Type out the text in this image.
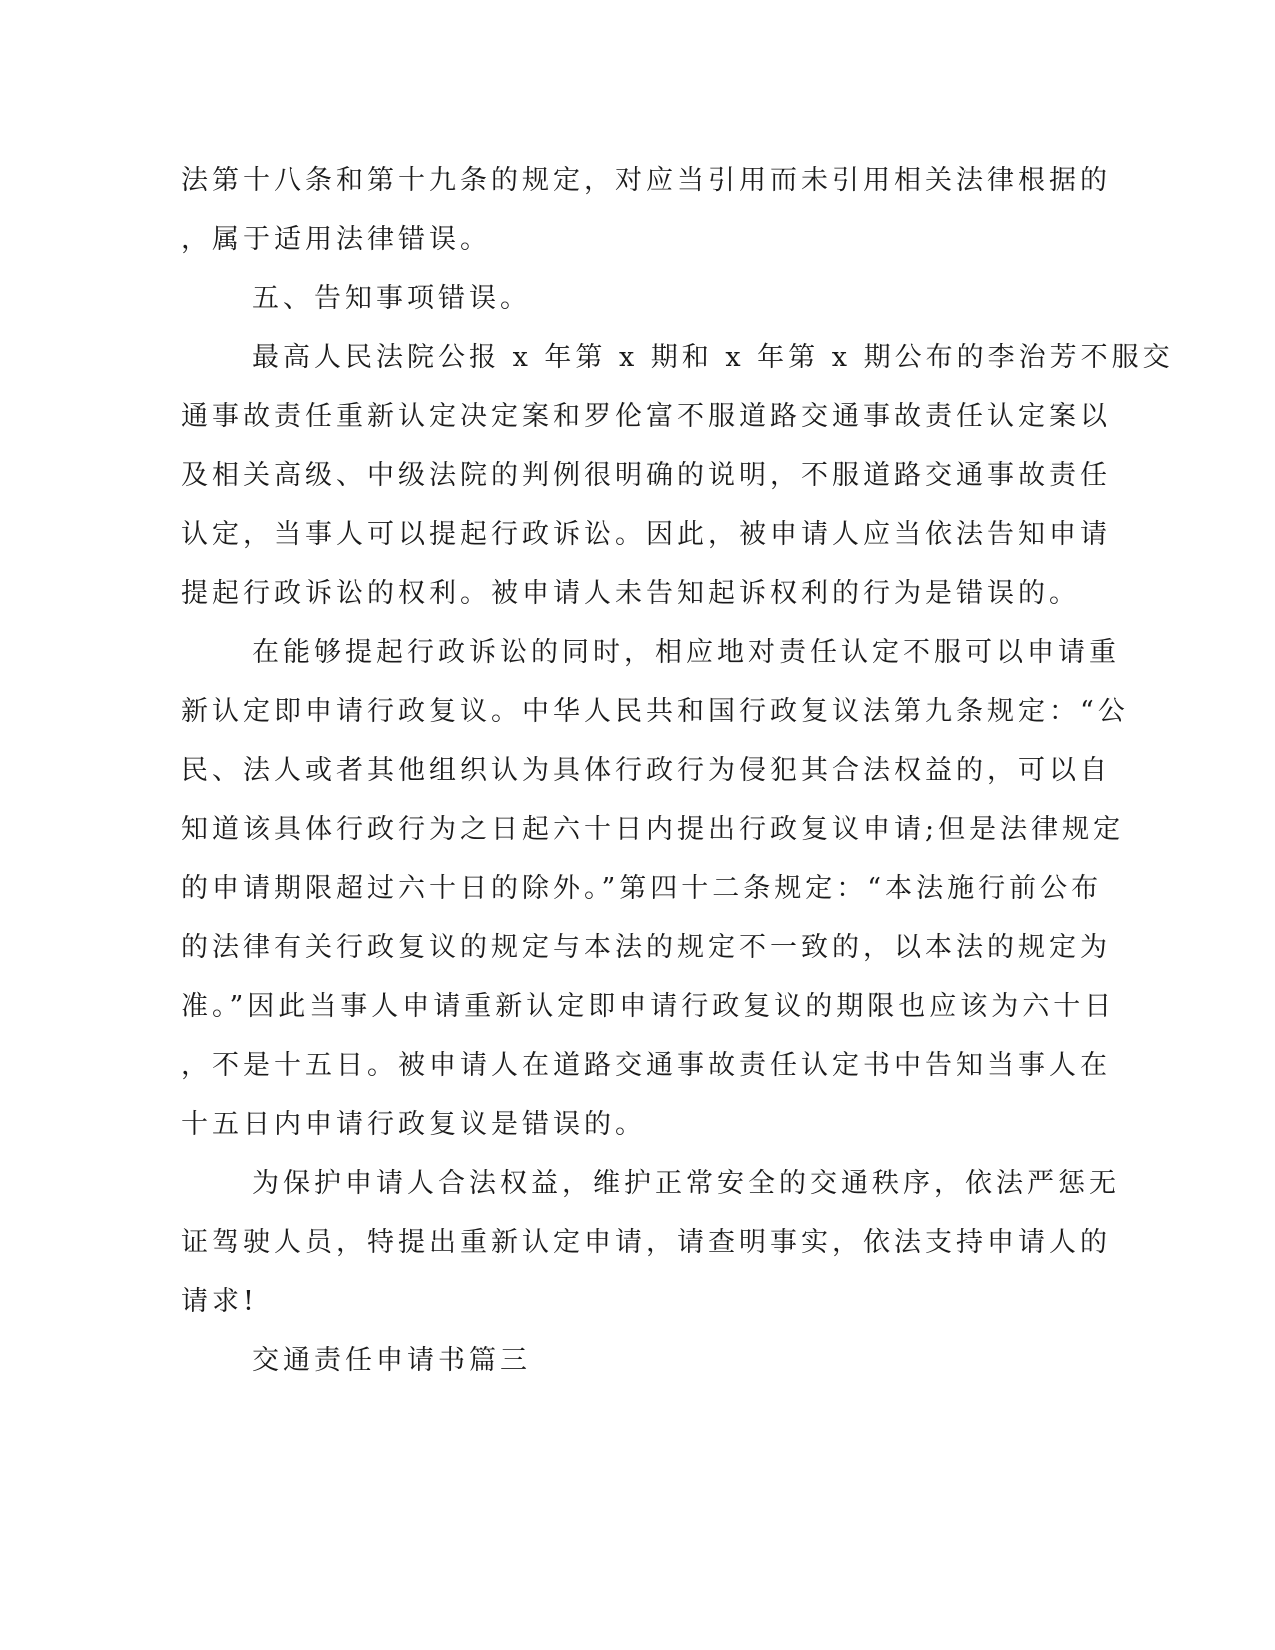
法第十八条和第十九条的规定，对应当引用而未引用相关法律根据的
，属于适用法律错误。
五、告知事项错误。
最高人民法院公报 x 年第 x 期和 x 年第 x 期公布的李治芳不服交
通事故责任重新认定决定案和罗伦富不服道路交通事故责任认定案以
及相关高级、中级法院的判例很明确的说明，不服道路交通事故责任
认定，当事人可以提起行政诉讼。因此，被申请人应当依法告知申请
提起行政诉讼的权利。被申请人未告知起诉权利的行为是错误的。
在能够提起行政诉讼的同时，相应地对责任认定不服可以申请重
新认定即申请行政复议。中华人民共和国行政复议法第九条规定：“公
民、法人或者其他组织认为具体行政行为侵犯其合法权益的，可以自
知道该具体行政行为之日起六十日内提出行政复议申请;但是法律规定
的申请期限超过六十日的除外。”第四十二条规定：“本法施行前公布
的法律有关行政复议的规定与本法的规定不一致的，以本法的规定为
准。”因此当事人申请重新认定即申请行政复议的期限也应该为六十日
，不是十五日。被申请人在道路交通事故责任认定书中告知当事人在
十五日内申请行政复议是错误的。
为保护申请人合法权益，维护正常安全的交通秩序，依法严惩无
证驾驶人员，特提出重新认定申请，请查明事实，依法支持申请人的
请求!
交通责任申请书篇三
